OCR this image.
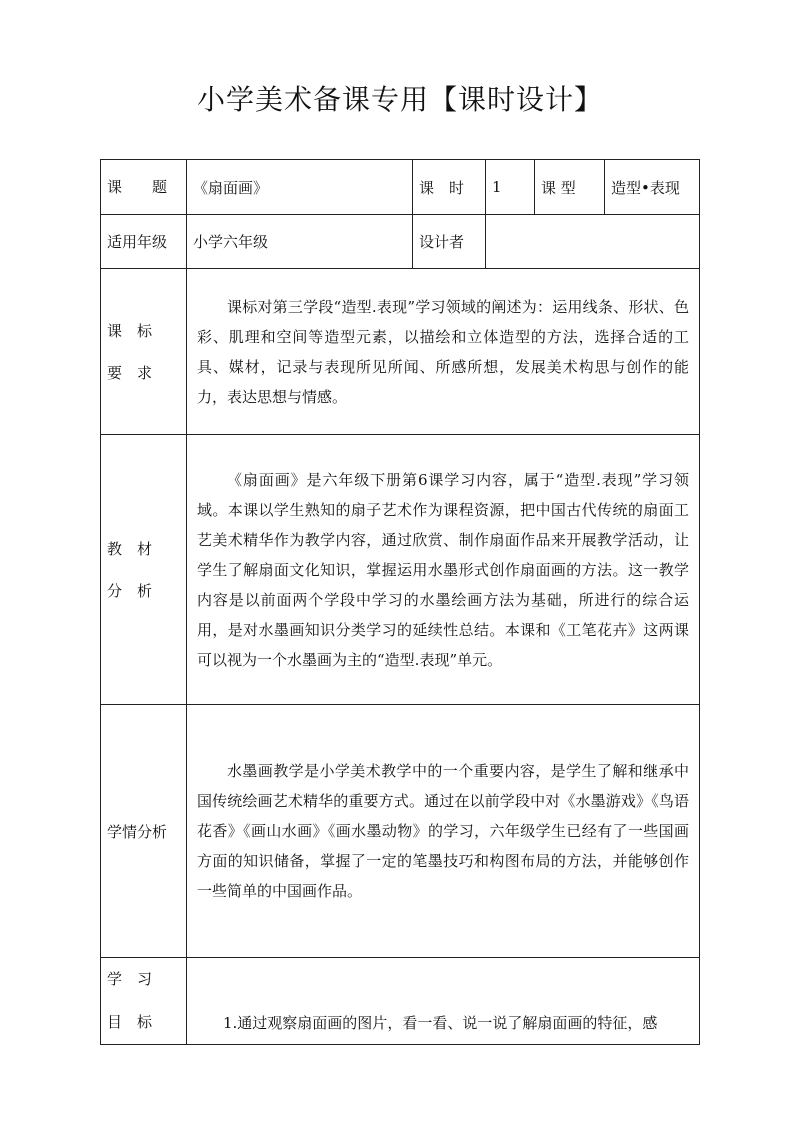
小学美术备课专用【课时设计】
课　　题	《扇面画》	课　时	1	课 型	造型•表现
适用年级	小学六年级	设计者			
课　标
要　求	课标对第三学段“造型.表现”学习领域的阐述为：运用线条、形状、色彩、肌理和空间等造型元素，以描绘和立体造型的方法，选择合适的工具、媒材，记录与表现所见所闻、所感所想，发展美术构思与创作的能力，表达思想与情感。				

教　材
分　析	《扇面画》是六年级下册第6课学习内容，属于“造型.表现”学习领域。本课以学生熟知的扇子艺术作为课程资源，把中国古代传统的扇面工艺美术精华作为教学内容，通过欣赏、制作扇面作品来开展教学活动，让学生了解扇面文化知识，掌握运用水墨形式创作扇面画的方法。这一教学内容是以前面两个学段中学习的水墨绘画方法为基础，所进行的综合运用，是对水墨画知识分类学习的延续性总结。本课和《工笔花卉》这两课可以视为一个水墨画为主的“造型.表现”单元。				

学情分析	水墨画教学是小学美术教学中的一个重要内容，是学生了解和继承中国传统绘画艺术精华的重要方式。通过在以前学段中对《水墨游戏》《鸟语花香》《画山水画》《画水墨动物》的学习，六年级学生已经有了一些国画方面的知识储备，掌握了一定的笔墨技巧和构图布局的方法，并能够创作一些简单的中国画作品。				

学　习
目　标	1.通过观察扇面画的图片，看一看、说一说了解扇面画的特征，感				
